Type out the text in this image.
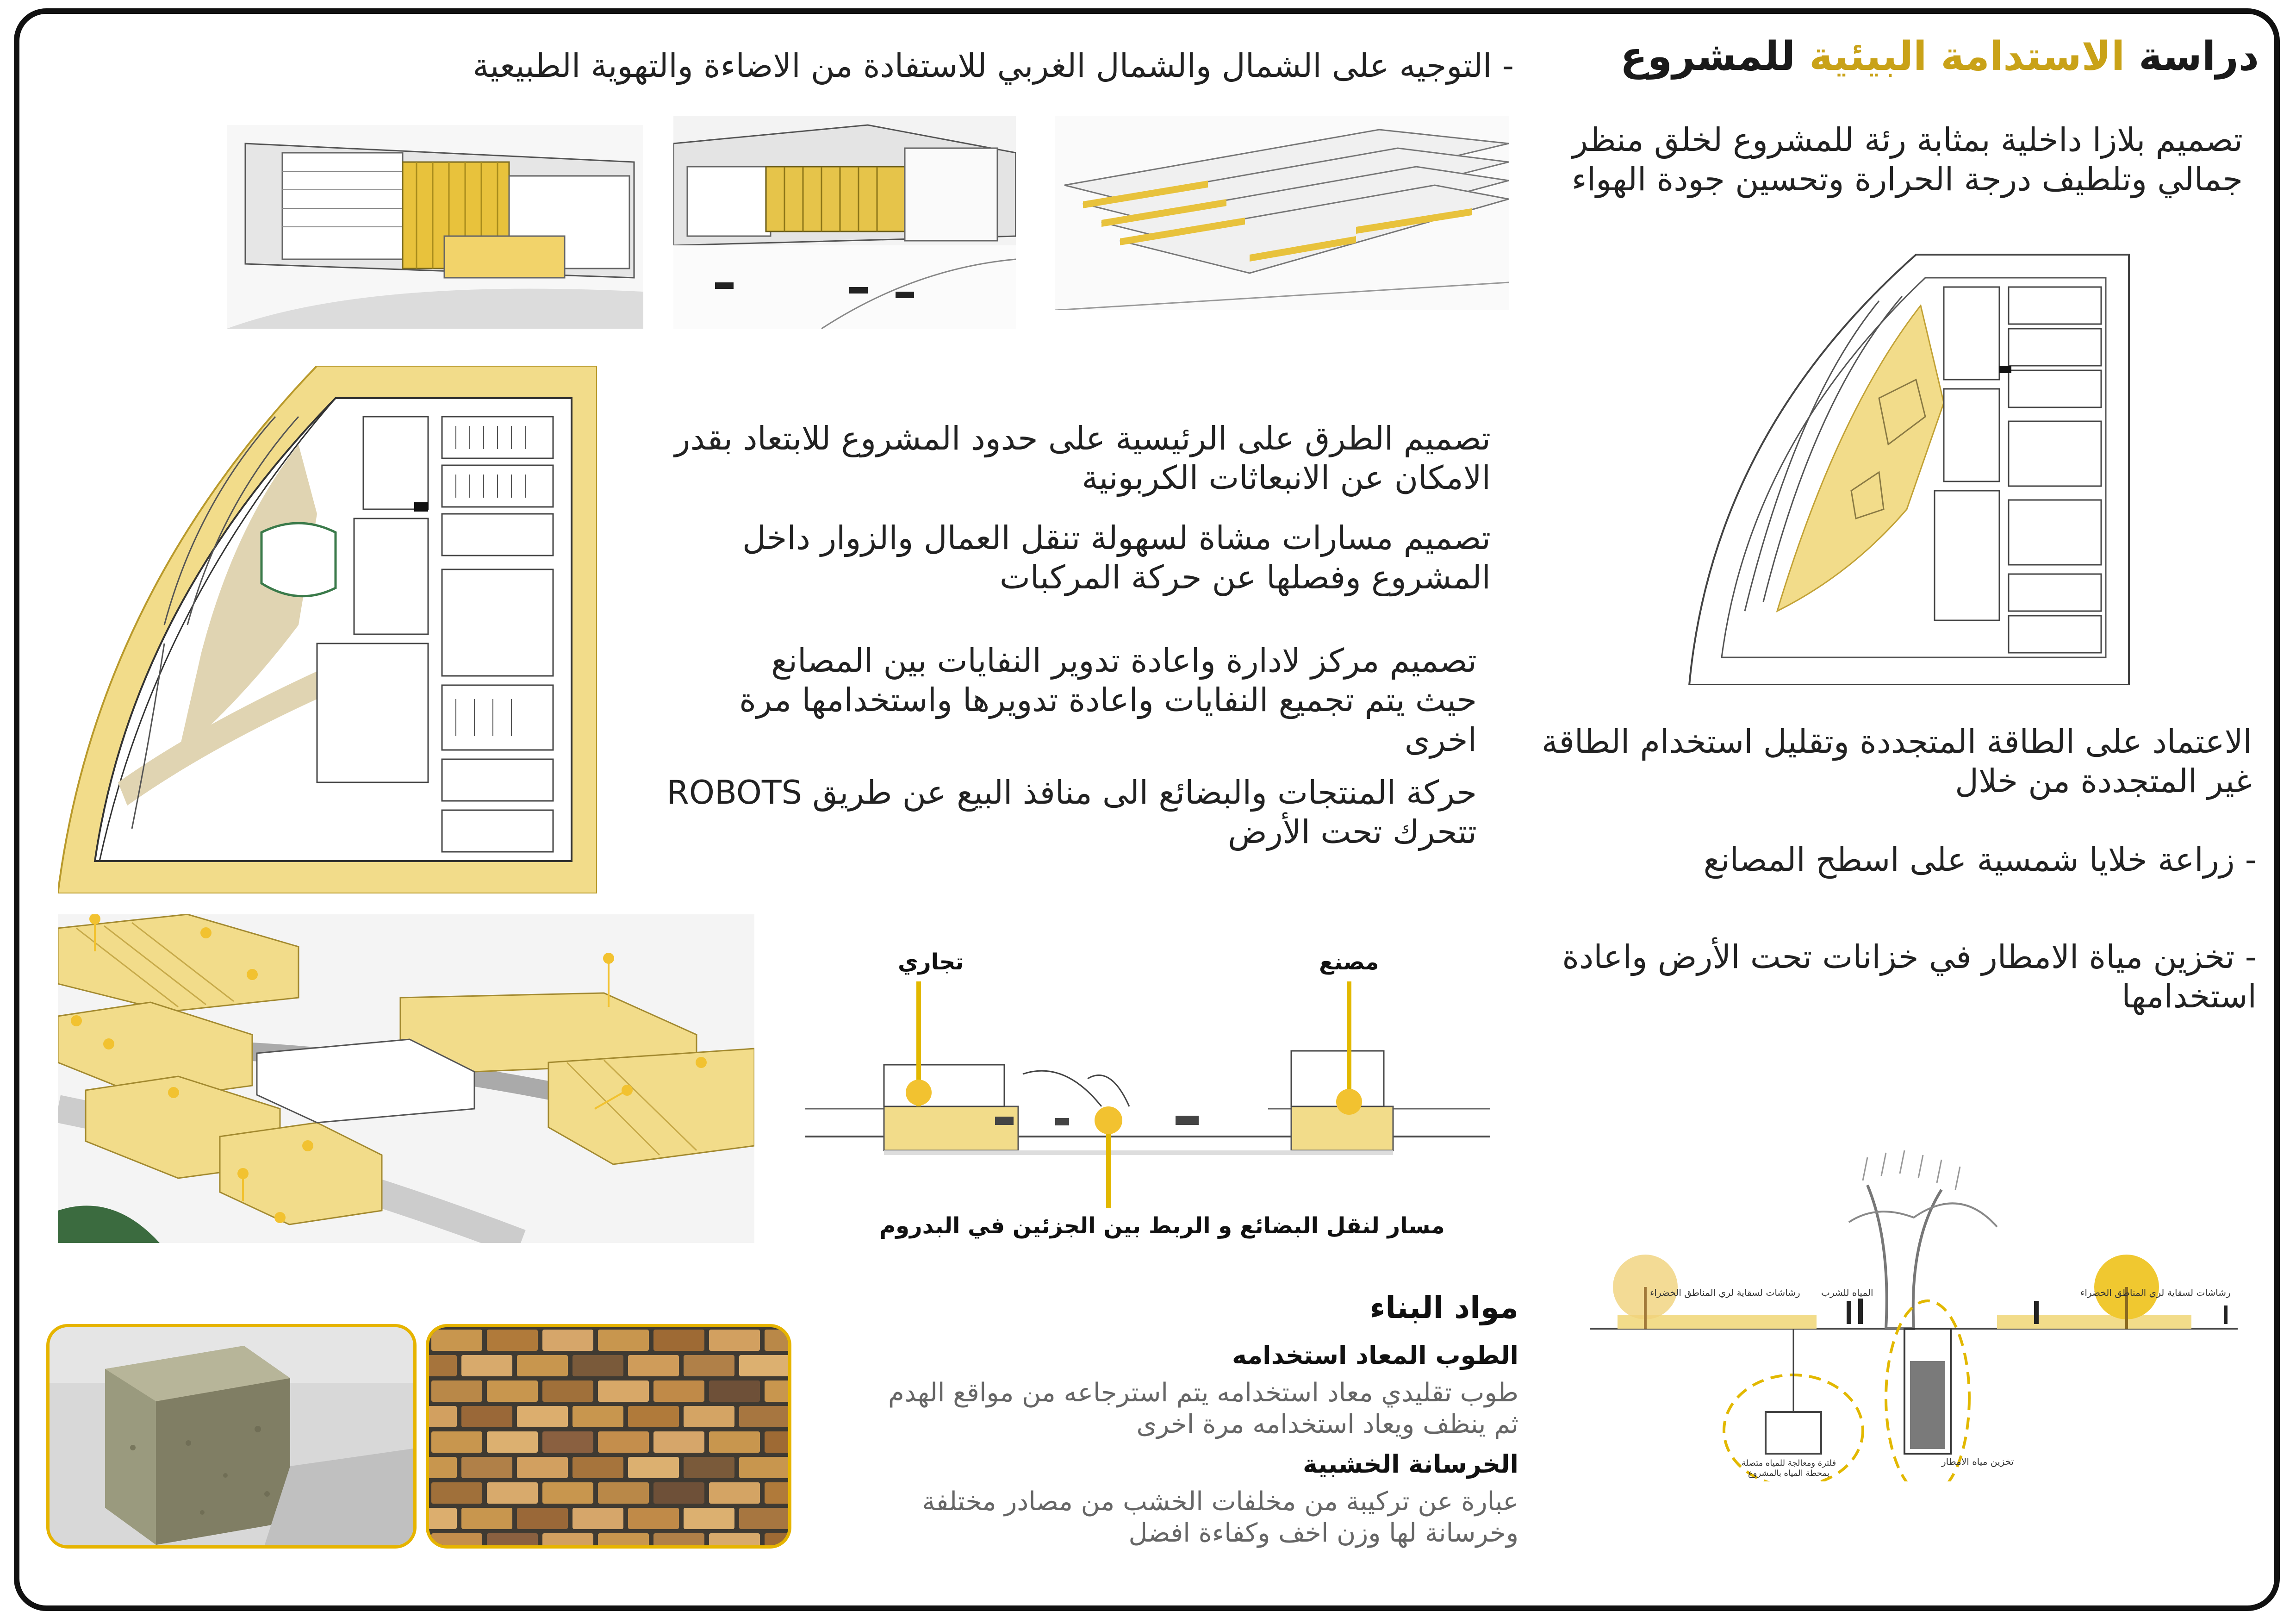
دراسة الاستدامة البيئية للمشروع
- التوجيه على الشمال والشمال الغربي للاستفادة من الاضاءة والتهوية الطبيعية
تصميم بلازا داخلية بمثابة رئة للمشروع لخلق منظر جمالي وتلطيف درجة الحرارة وتحسين جودة الهواء
تصميم الطرق على الرئيسية على حدود المشروع للابتعاد بقدر الامكان عن الانبعاثات الكربونية
تصميم مسارات مشاة لسهولة تنقل العمال والزوار داخل المشروع وفصلها عن حركة المركبات
تصميم مركز لادارة واعادة تدوير النفايات بين المصانع حيث يتم تجميع النفايات واعادة تدويرها واستخدامها مرة اخرى
حركة المنتجات والبضائع الى منافذ البيع عن طريق ROBOTS تتحرك تحت الأرض
الاعتماد على الطاقة المتجددة وتقليل استخدام الطاقة غير المتجددة من خلال
- زراعة خلايا شمسية على اسطح المصانع
- تخزين مياة الامطار في خزانات تحت الأرض واعادة استخدامها
تجاري	مصنع
مسار لنقل البضائع و الربط بين الجزئين في البدروم
رشاشات لسقاية لري المناطق الخضراء	رشاشات لسقاية لري المناطق الخضراء
المياه للشرب
تخزين مياه الامطار
فلترة ومعالجة للمياه متصلة بمحطة المياه بالمشروع
مواد البناء
الطوب المعاد استخدامه
طوب تقليدي معاد استخدامه يتم استرجاعه من مواقع الهدم ثم ينظف ويعاد استخدامه مرة اخرى
الخرسانة الخشبية
عبارة عن تركيبة من مخلفات الخشب من مصادر مختلفة وخرسانة لها وزن اخف وكفاءة افضل
